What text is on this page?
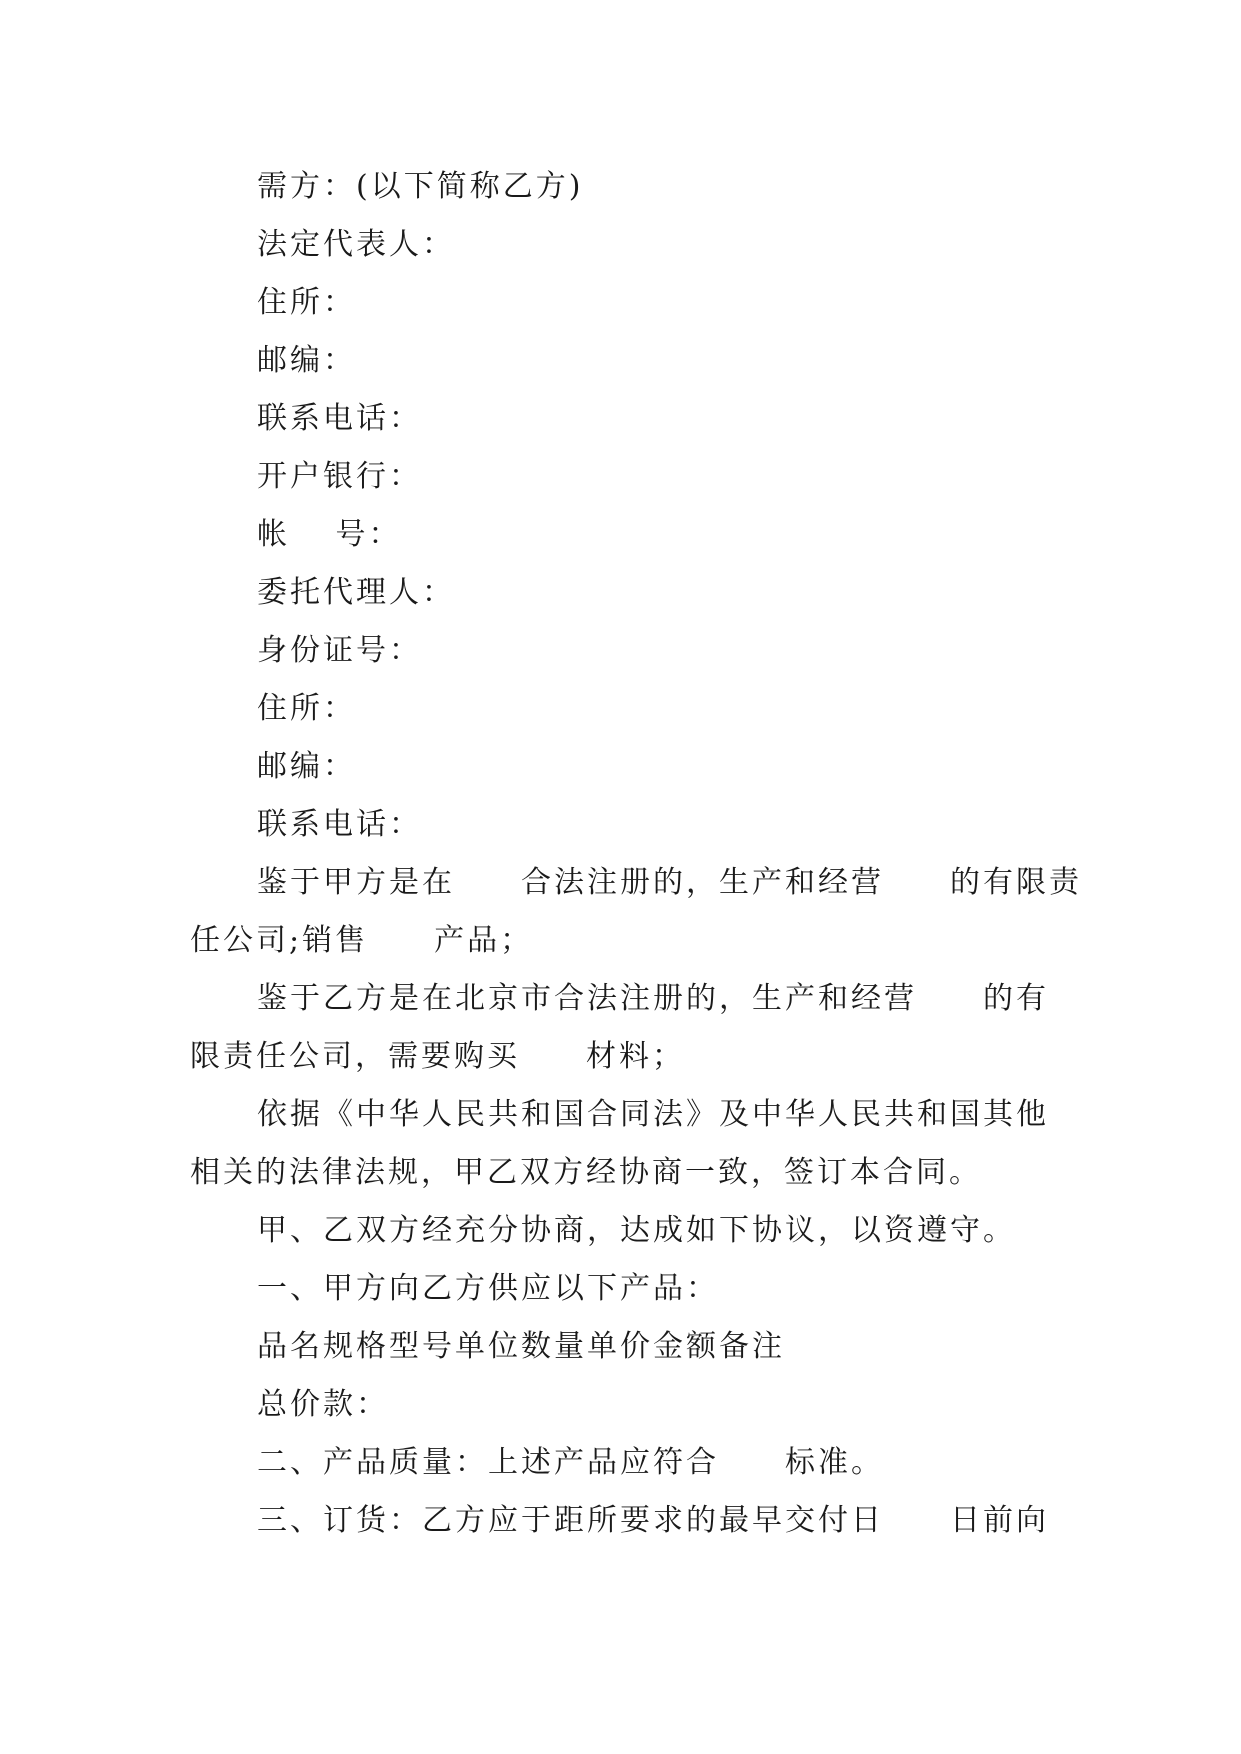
需方：(以下简称乙方)
法定代表人：
住所：
邮编：
联系电话：
开户银行：
帐　 号：
委托代理人：
身份证号：
住所：
邮编：
联系电话：
鉴于甲方是在　　合法注册的，生产和经营　　的有限责
任公司;销售　　产品；
鉴于乙方是在北京市合法注册的，生产和经营　　的有
限责任公司，需要购买　　材料；
依据《中华人民共和国合同法》及中华人民共和国其他
相关的法律法规，甲乙双方经协商一致，签订本合同。
甲、乙双方经充分协商，达成如下协议，以资遵守。
一、甲方向乙方供应以下产品：
品名规格型号单位数量单价金额备注
总价款：
二、产品质量：上述产品应符合　　标准。
三、订货：乙方应于距所要求的最早交付日　　日前向
